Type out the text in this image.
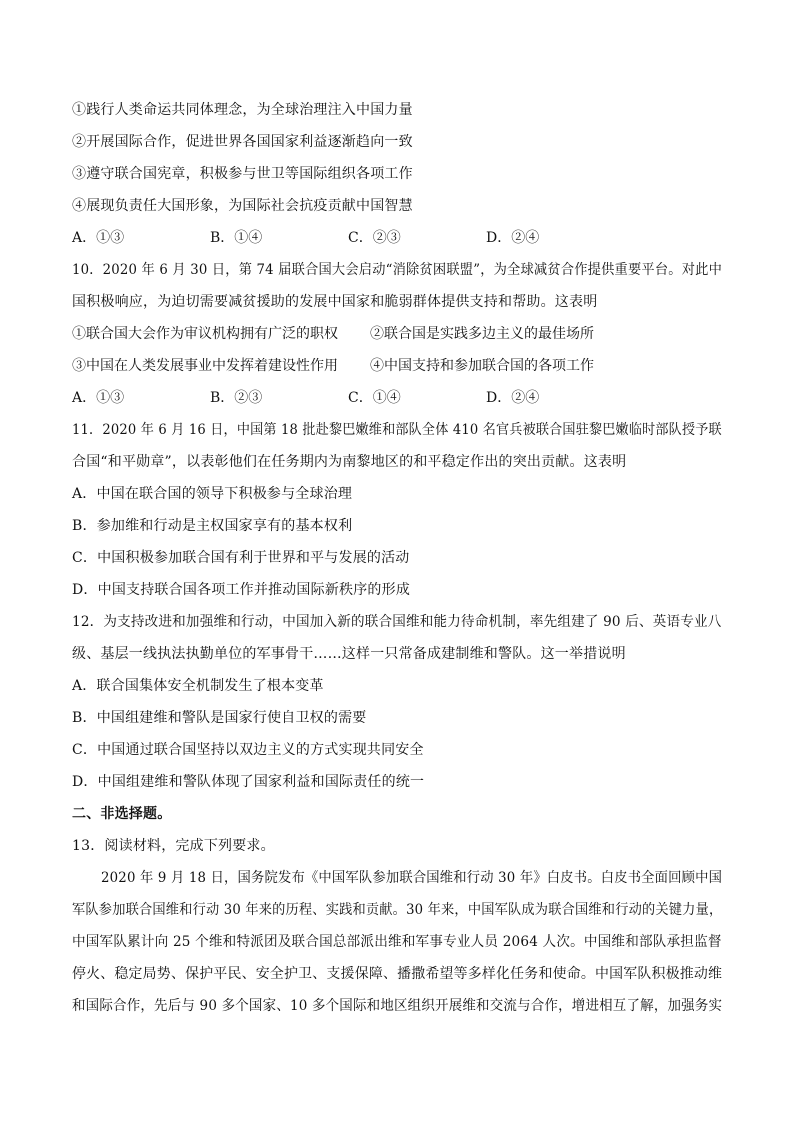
①践行人类命运共同体理念，为全球治理注入中国力量
②开展国际合作，促进世界各国国家利益逐渐趋向一致
③遵守联合国宪章，积极参与世卫等国际组织各项工作
④展现负责任大国形象，为国际社会抗疫贡献中国智慧
A．①③	B．①④	C．②③	D．②④
10．2020 年 6 月 30 日，第 74 届联合国大会启动“消除贫困联盟”，为全球减贫合作提供重要平台。对此中
国积极响应，为迫切需要减贫援助的发展中国家和脆弱群体提供支持和帮助。这表明
①联合国大会作为审议机构拥有广泛的职权 ②联合国是实践多边主义的最佳场所
③中国在人类发展事业中发挥着建设性作用 ④中国支持和参加联合国的各项工作
A．①③	B．②③	C．①④	D．②④
11．2020 年 6 月 16 日，中国第 18 批赴黎巴嫩维和部队全体 410 名官兵被联合国驻黎巴嫩临时部队授予联
合国“和平勋章”，以表彰他们在任务期内为南黎地区的和平稳定作出的突出贡献。这表明
A．中国在联合国的领导下积极参与全球治理
B．参加维和行动是主权国家享有的基本权利
C．中国积极参加联合国有利于世界和平与发展的活动
D．中国支持联合国各项工作并推动国际新秩序的形成
12．为支持改进和加强维和行动，中国加入新的联合国维和能力待命机制，率先组建了 90 后、英语专业八
级、基层一线执法执勤单位的军事骨干……这样一只常备成建制维和警队。这一举措说明
A．联合国集体安全机制发生了根本变革
B．中国组建维和警队是国家行使自卫权的需要
C．中国通过联合国坚持以双边主义的方式实现共同安全
D．中国组建维和警队体现了国家利益和国际责任的统一
二、非选择题。
13．阅读材料，完成下列要求。
2020 年 9 月 18 日，国务院发布《中国军队参加联合国维和行动 30 年》白皮书。白皮书全面回顾中国
军队参加联合国维和行动 30 年来的历程、实践和贡献。30 年来，中国军队成为联合国维和行动的关键力量，
中国军队累计向 25 个维和特派团及联合国总部派出维和军事专业人员 2064 人次。中国维和部队承担监督
停火、稳定局势、保护平民、安全护卫、支援保障、播撒希望等多样化任务和使命。中国军队积极推动维
和国际合作，先后与 90 多个国家、10 多个国际和地区组织开展维和交流与合作，增进相互了解，加强务实
